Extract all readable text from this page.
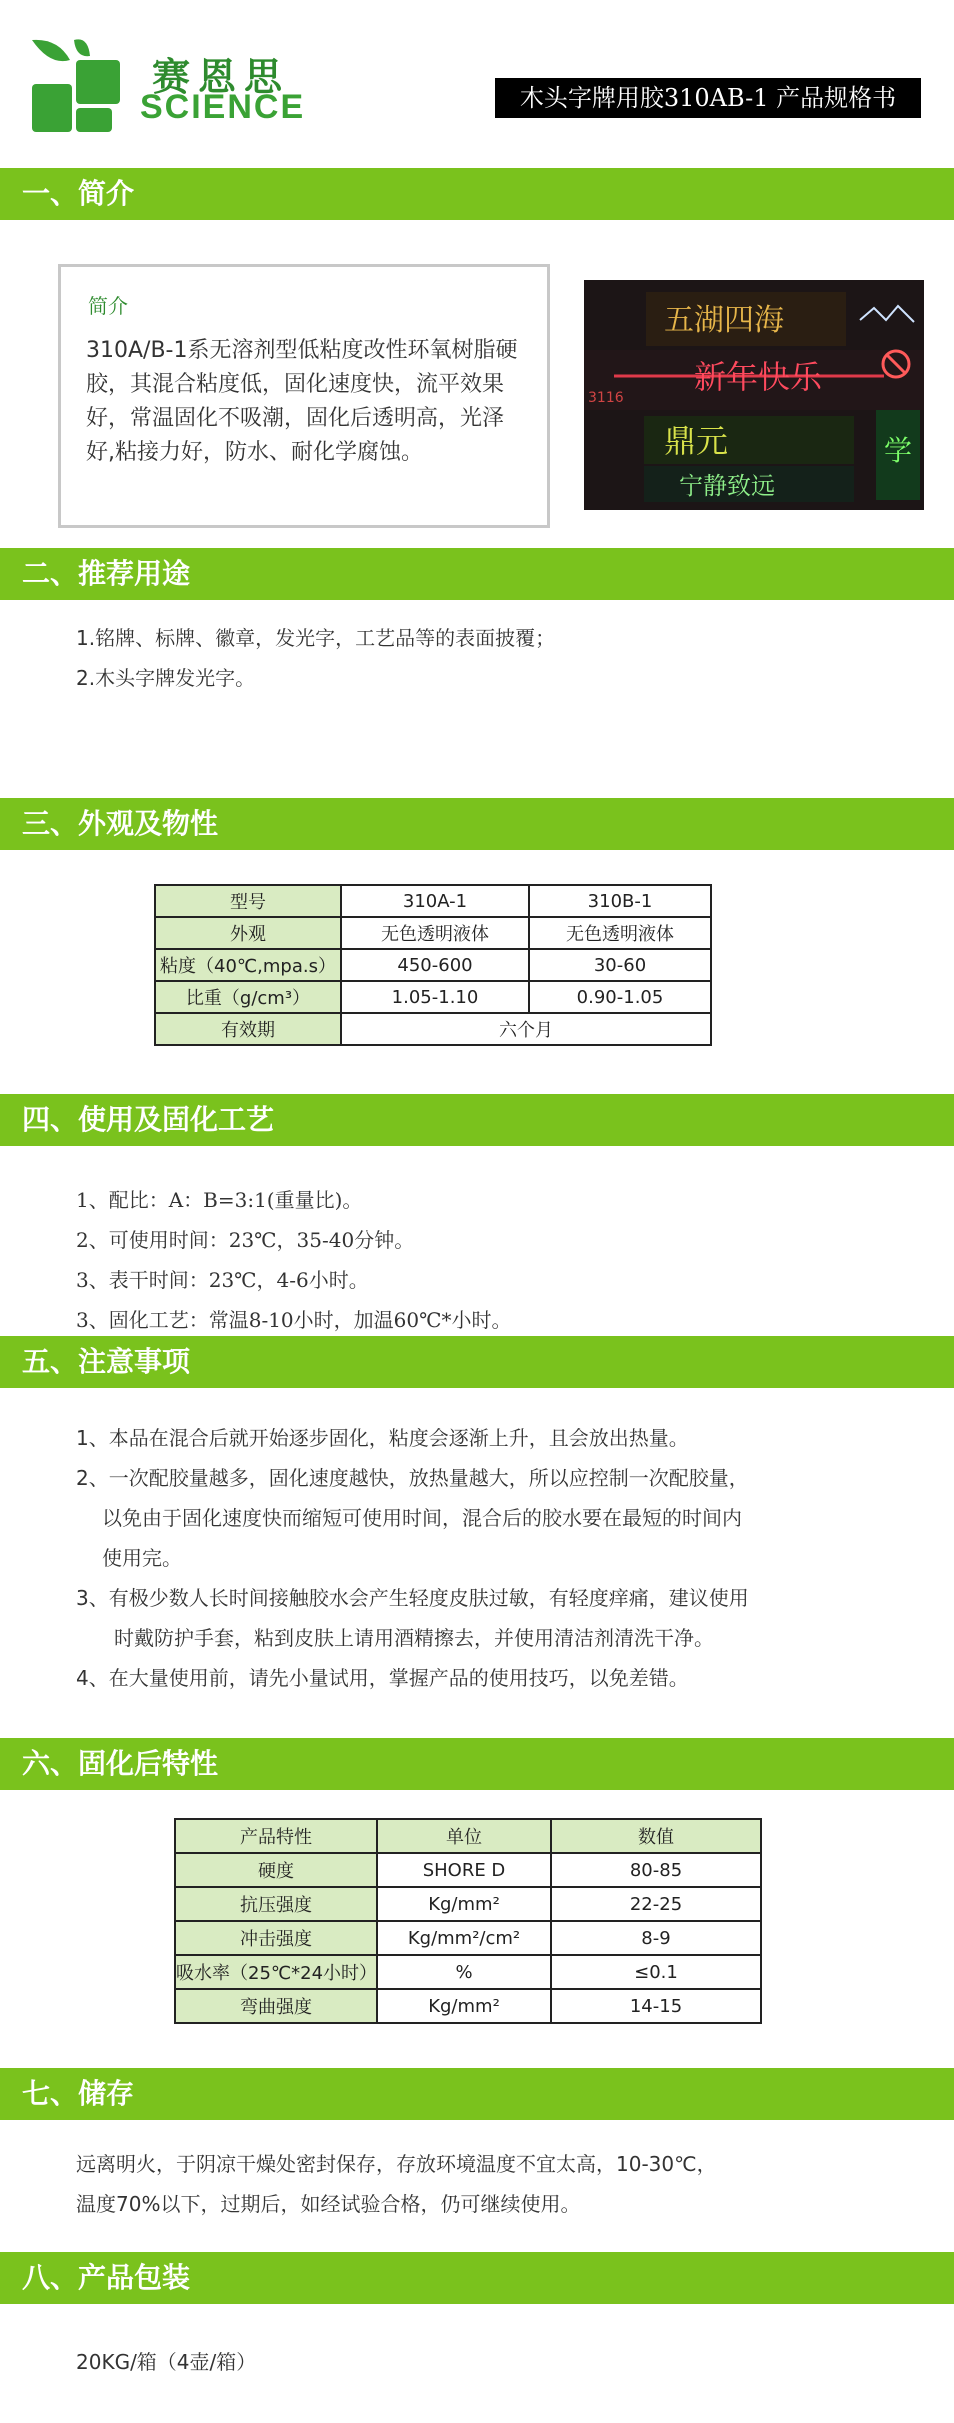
赛恩思
SCIENCE	木头字牌用胶310AB-1 产品规格书
一、简介
简介
310A/B-1系无溶剂型低粘度改性环氧树脂硬胶，其混合粘度低，固化速度快，流平效果好，常温固化不吸潮，固化后透明高，光泽好,粘接力好，防水、耐化学腐蚀。
五湖四海
新年快乐
3116
鼎元
宁静致远
学
二、推荐用途
1.铭牌、标牌、徽章，发光字，工艺品等的表面披覆；
2.木头字牌发光字。
三、外观及物性
型号	310A-1	310B-1
外观	无色透明液体	无色透明液体
粘度（40℃,mpa.s）	450-600	30-60
比重（g/cm³）	1.05-1.10	0.90-1.05
有效期	六个月	
四、使用及固化工艺
1、配比：A：B=3:1(重量比)。
2、可使用时间：23℃，35-40分钟。
3、表干时间：23℃，4-6小时。
3、固化工艺：常温8-10小时，加温60℃*小时。
五、注意事项
1、本品在混合后就开始逐步固化，粘度会逐渐上升，且会放出热量。
2、一次配胶量越多，固化速度越快，放热量越大，所以应控制一次配胶量，
以免由于固化速度快而缩短可使用时间，混合后的胶水要在最短的时间内
使用完。
3、有极少数人长时间接触胶水会产生轻度皮肤过敏，有轻度痒痛，建议使用
时戴防护手套，粘到皮肤上请用酒精擦去，并使用清洁剂清洗干净。
4、在大量使用前，请先小量试用，掌握产品的使用技巧，以免差错。
六、固化后特性
产品特性	单位	数值
硬度	SHORE D	80-85
抗压强度	Kg/mm²	22-25
冲击强度	Kg/mm²/cm²	8-9
吸水率（25℃*24小时）	%	≤0.1
弯曲强度	Kg/mm²	14-15
七、储存
远离明火，于阴凉干燥处密封保存，存放环境温度不宜太高，10-30℃，
温度70%以下，过期后，如经试验合格，仍可继续使用。
八、产品包装
20KG/箱（4壶/箱）
